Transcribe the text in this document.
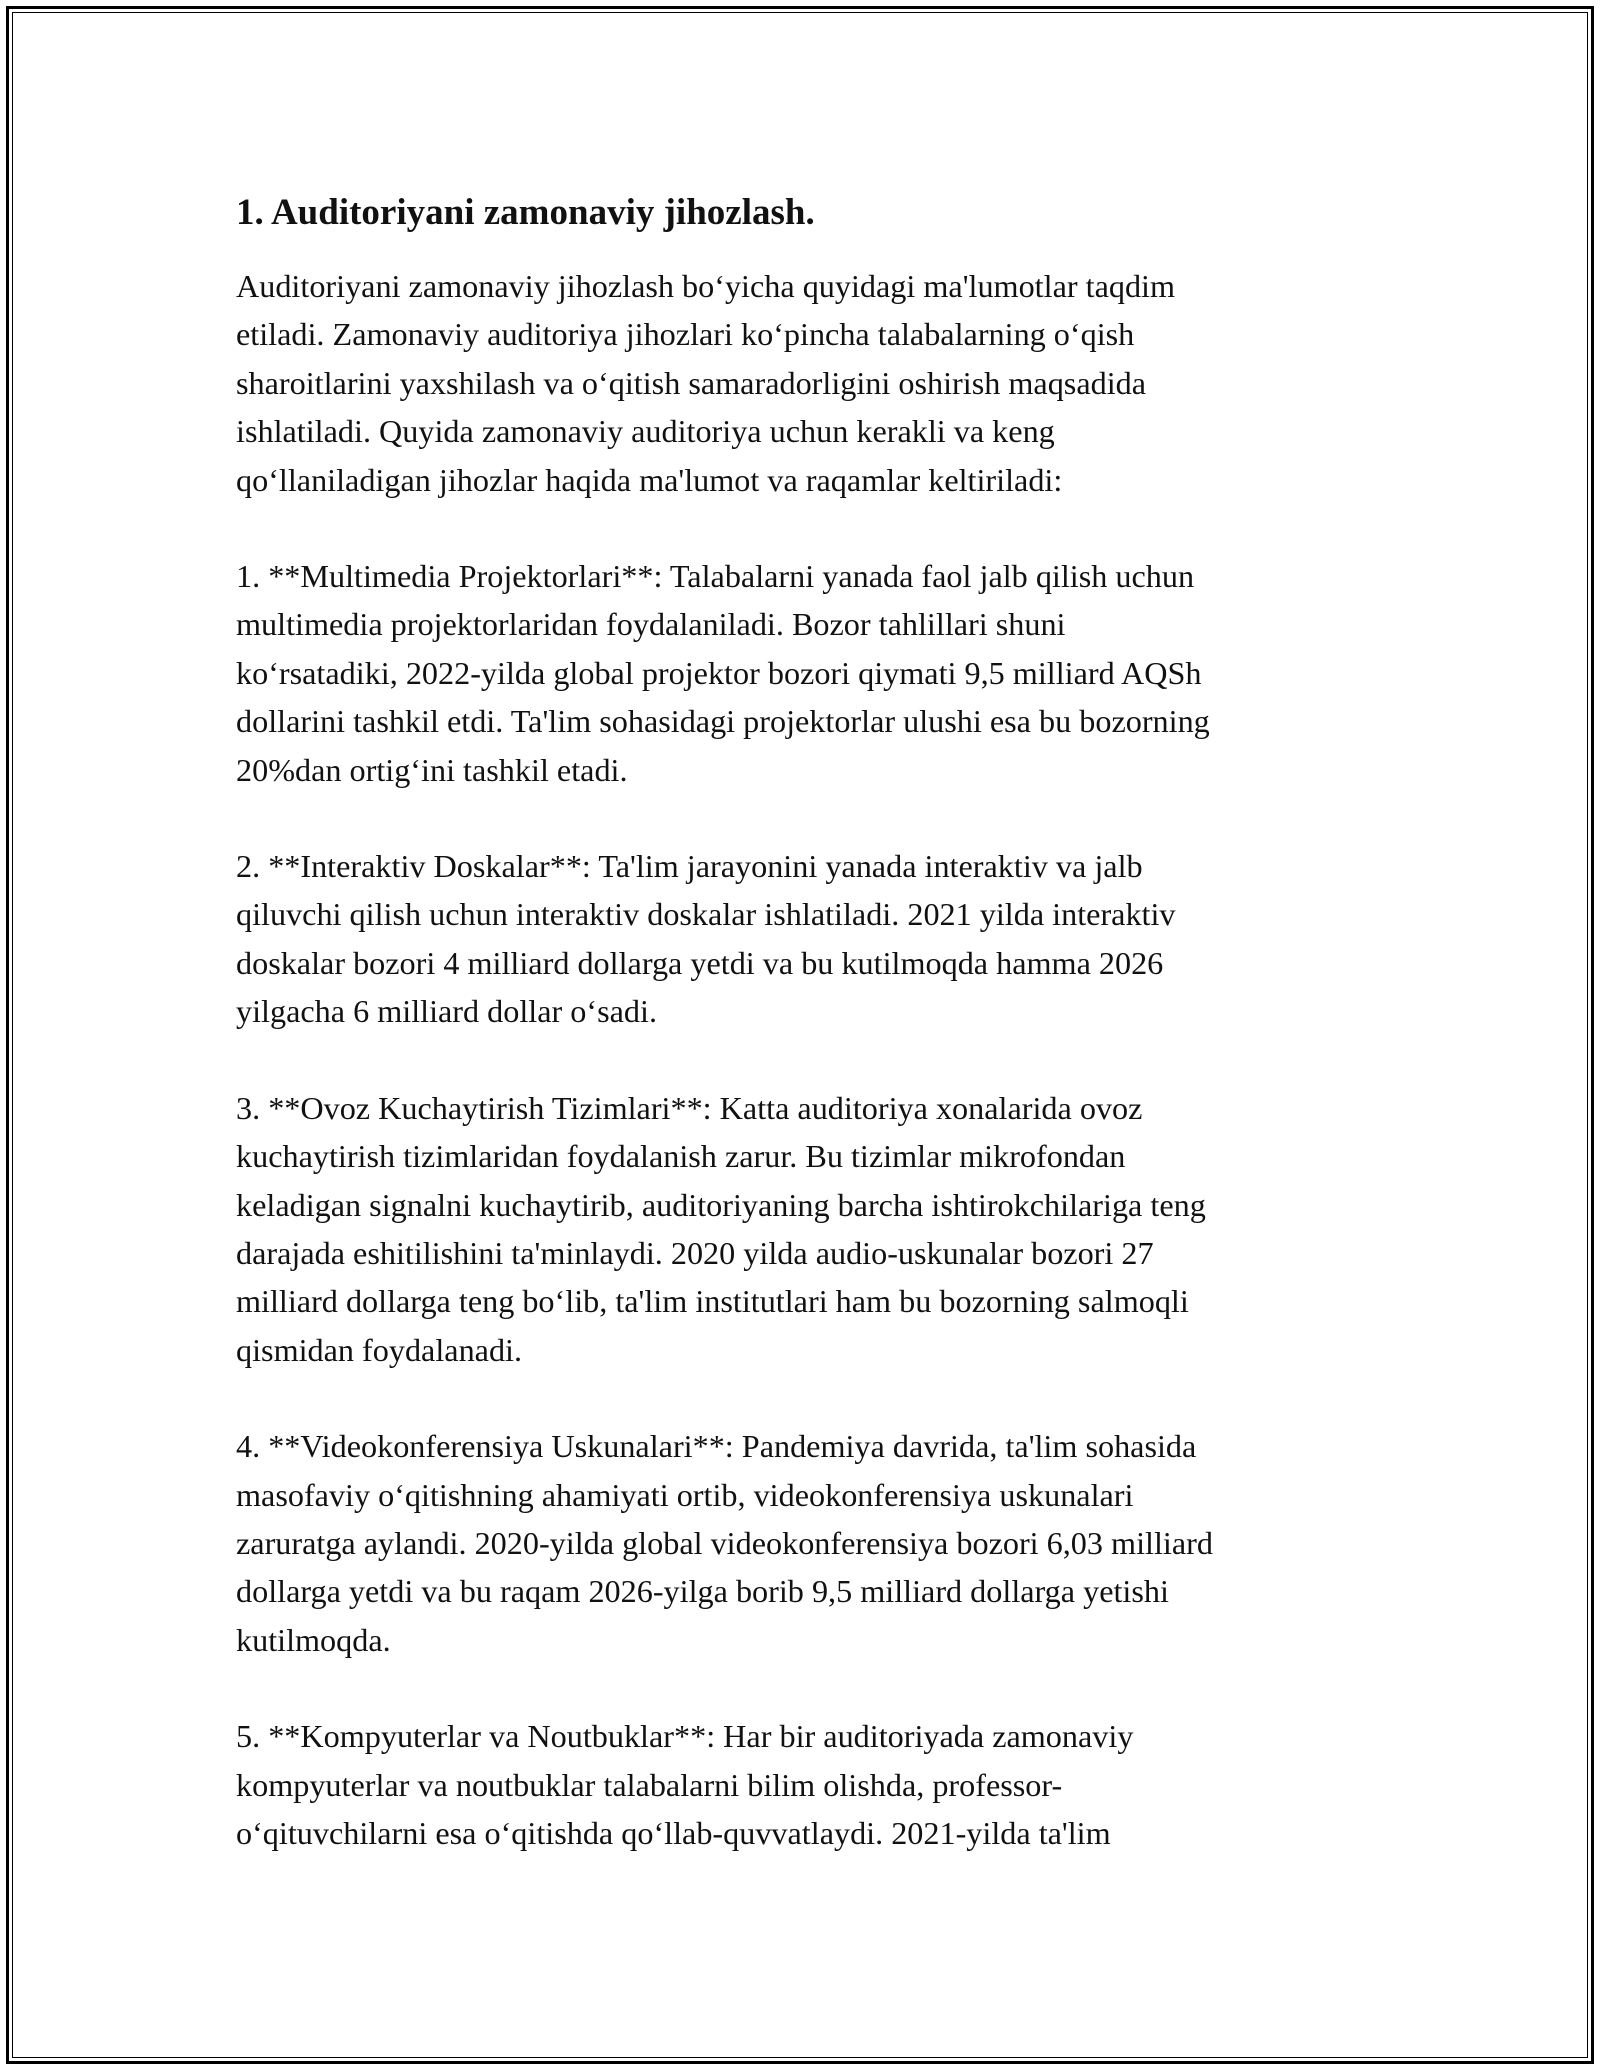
1. Auditoriyani zamonaviy jihozlash.

Auditoriyani zamonaviy jihozlash bo‘yicha quyidagi ma'lumotlar taqdim
etiladi. Zamonaviy auditoriya jihozlari ko‘pincha talabalarning o‘qish
sharoitlarini yaxshilash va o‘qitish samaradorligini oshirish maqsadida
ishlatiladi. Quyida zamonaviy auditoriya uchun kerakli va keng
qo‘llaniladigan jihozlar haqida ma'lumot va raqamlar keltiriladi:

1. **Multimedia Projektorlari**: Talabalarni yanada faol jalb qilish uchun
multimedia projektorlaridan foydalaniladi. Bozor tahlillari shuni
ko‘rsatadiki, 2022-yilda global projektor bozori qiymati 9,5 milliard AQSh
dollarini tashkil etdi. Ta'lim sohasidagi projektorlar ulushi esa bu bozorning
20%dan ortig‘ini tashkil etadi.

2. **Interaktiv Doskalar**: Ta'lim jarayonini yanada interaktiv va jalb
qiluvchi qilish uchun interaktiv doskalar ishlatiladi. 2021 yilda interaktiv
doskalar bozori 4 milliard dollarga yetdi va bu kutilmoqda hamma 2026
yilgacha 6 milliard dollar o‘sadi.

3. **Ovoz Kuchaytirish Tizimlari**: Katta auditoriya xonalarida ovoz
kuchaytirish tizimlaridan foydalanish zarur. Bu tizimlar mikrofondan
keladigan signalni kuchaytirib, auditoriyaning barcha ishtirokchilariga teng
darajada eshitilishini ta'minlaydi. 2020 yilda audio-uskunalar bozori 27
milliard dollarga teng bo‘lib, ta'lim institutlari ham bu bozorning salmoqli
qismidan foydalanadi.

4. **Videokonferensiya Uskunalari**: Pandemiya davrida, ta'lim sohasida
masofaviy o‘qitishning ahamiyati ortib, videokonferensiya uskunalari
zaruratga aylandi. 2020-yilda global videokonferensiya bozori 6,03 milliard
dollarga yetdi va bu raqam 2026-yilga borib 9,5 milliard dollarga yetishi
kutilmoqda.

5. **Kompyuterlar va Noutbuklar**: Har bir auditoriyada zamonaviy
kompyuterlar va noutbuklar talabalarni bilim olishda, professor-
o‘qituvchilarni esa o‘qitishda qo‘llab-quvvatlaydi. 2021-yilda ta'lim
